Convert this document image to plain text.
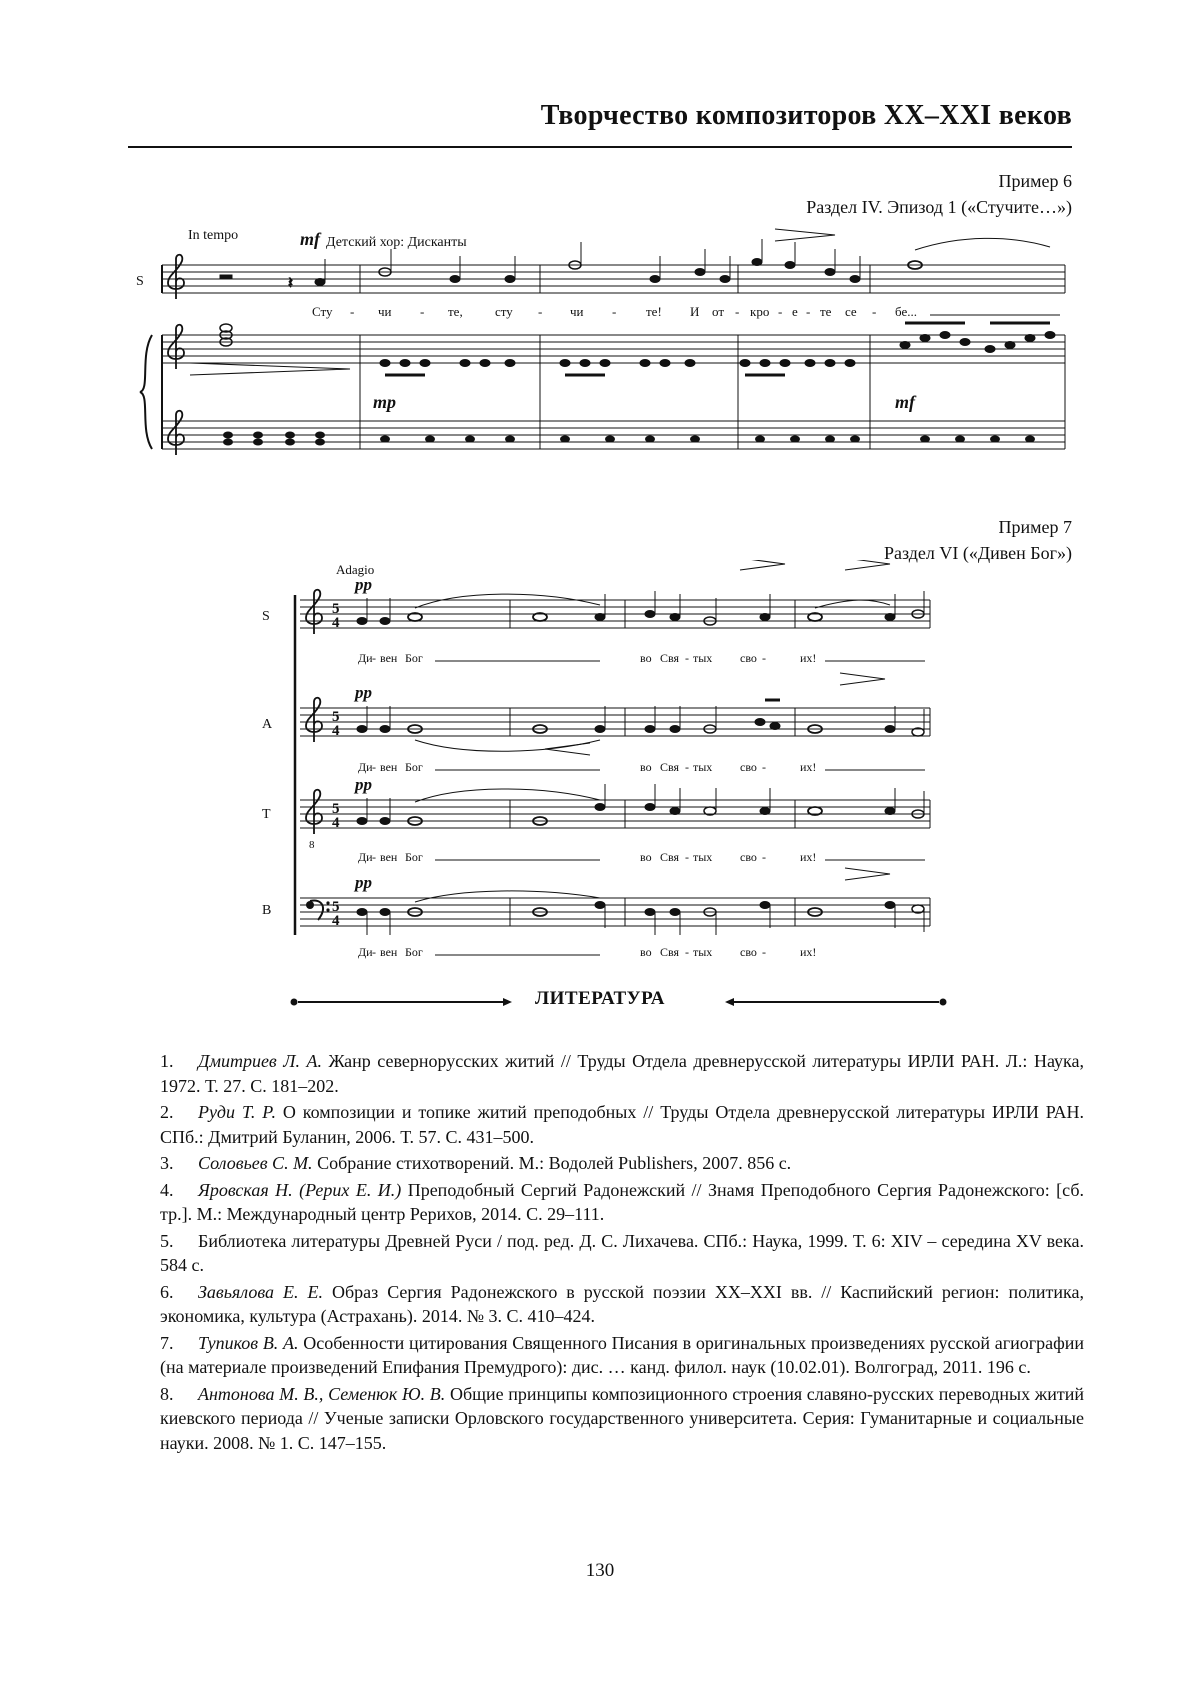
Творчество композиторов XX–XXI веков
Пример 6
Раздел IV. Эпизод 1 («Стучите…»)
In tempo	mf Детский хор: Дисканты
S	𝄽
Сту - чи - те, сту - чи - те! И от - кро - е - те се - бе...
mp	mf
Пример 7
Раздел VI («Дивен Бог»)
Adagio
S
A
T
B
8
5
4
5
4
5
4
5
4
pp
pp
pp
pp
Ди - вен Бог	во Свя - тых сво -	их!
Ди - вен Бог	во Свя - тых сво -	их!
Ди - вен Бог	во Свя - тых сво -	их!
Ди - вен Бог	во Свя - тых сво -	их!
ЛИТЕРАТУРА
1. Дмитриев Л. А. Жанр севернорусских житий // Труды Отдела древнерусской литературы ИРЛИ РАН. Л.: Наука, 1972. Т. 27. С. 181–202.
2. Руди Т. Р. О композиции и топике житий преподобных // Труды Отдела древнерусской литературы ИРЛИ РАН. СПб.: Дмитрий Буланин, 2006. Т. 57. С. 431–500.
3. Соловьев С. М. Собрание стихотворений. М.: Водолей Publishers, 2007. 856 с.
4. Яровская Н. (Рерих Е. И.) Преподобный Сергий Радонежский // Знамя Преподобного Сергия Радонежского: [сб. тр.]. М.: Международный центр Рерихов, 2014. С. 29–111.
5. Библиотека литературы Древней Руси / под. ред. Д. С. Лихачева. СПб.: Наука, 1999. Т. 6: XIV – середина XV века. 584 с.
6. Завьялова Е. Е. Образ Сергия Радонежского в русской поэзии XX–XXI вв. // Каспийский регион: политика, экономика, культура (Астрахань). 2014. № 3. С. 410–424.
7. Тупиков В. А. Особенности цитирования Священного Писания в оригинальных произведениях русской агиографии (на материале произведений Епифания Премудрого): дис. … канд. филол. наук (10.02.01). Волгоград, 2011. 196 с.
8. Антонова М. В., Семенюк Ю. В. Общие принципы композиционного строения славяно-русских переводных житий киевского периода // Ученые записки Орловского государственного университета. Серия: Гуманитарные и социальные науки. 2008. № 1. С. 147–155.
130
